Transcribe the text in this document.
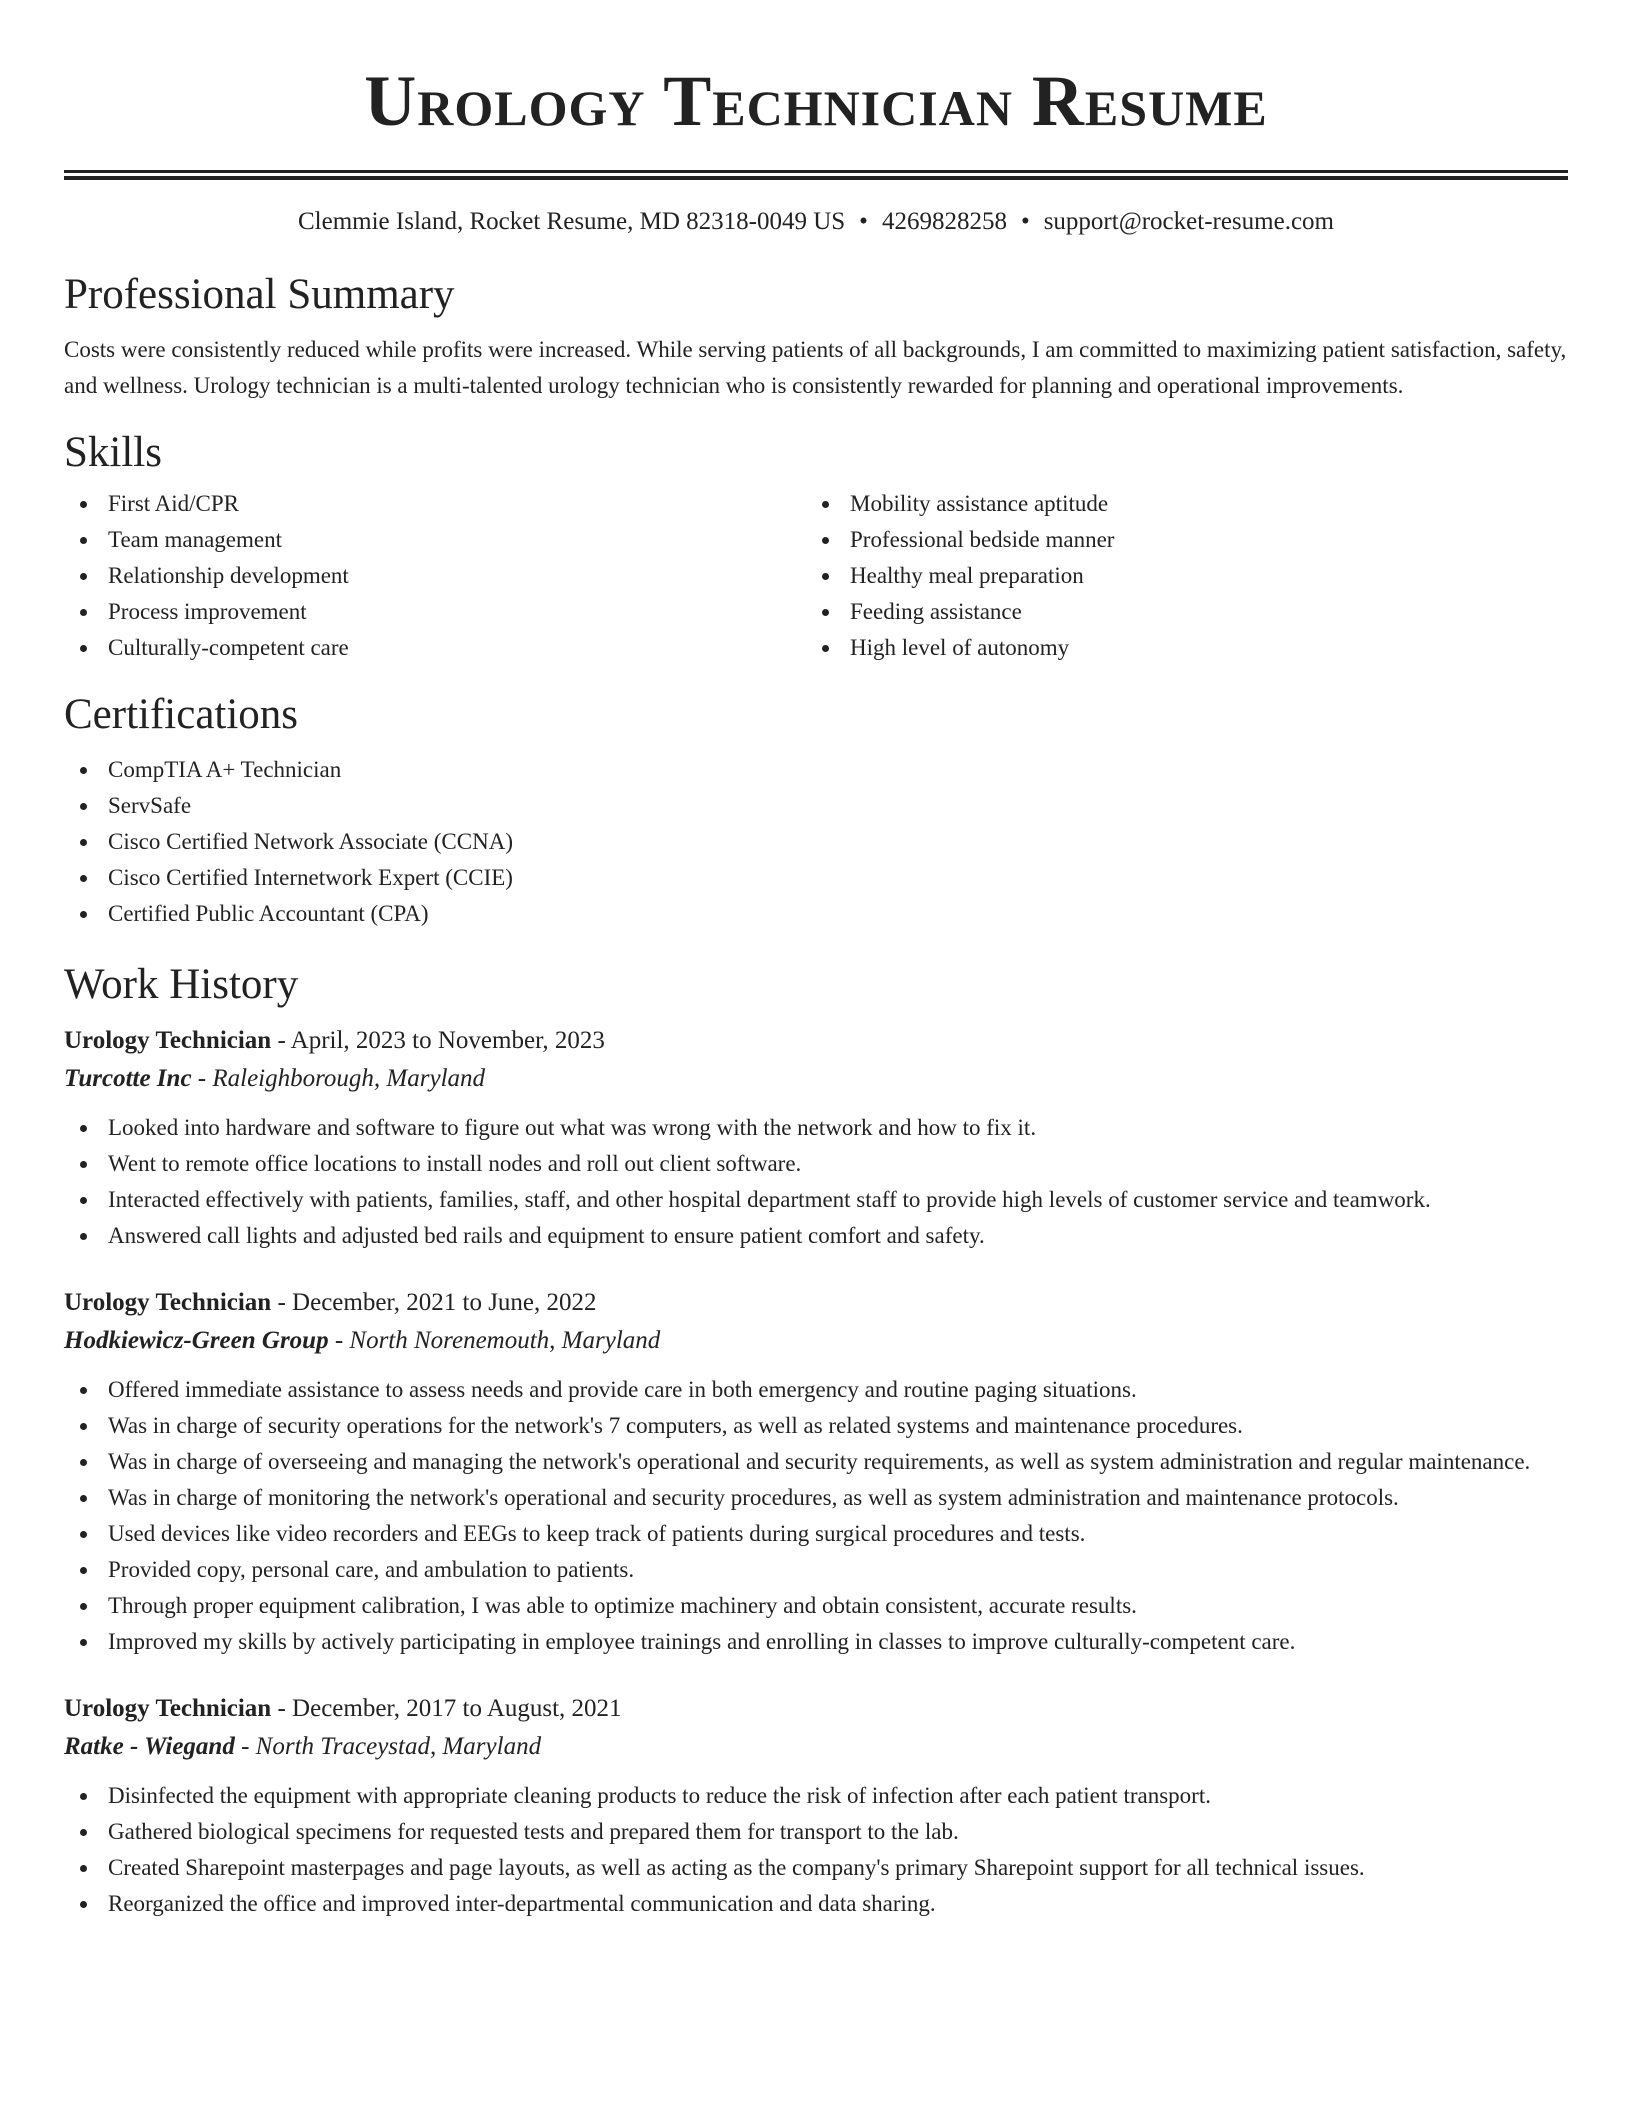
Urology Technician Resume
Clemmie Island, Rocket Resume, MD 82318-0049 US • 4269828258 • support@rocket-resume.com
Professional Summary

Costs were consistently reduced while profits were increased. While serving patients of all backgrounds, I am committed to maximizing patient satisfaction, safety, and wellness. Urology technician is a multi-talented urology technician who is consistently rewarded for planning and operational improvements.

Skills
First Aid/CPR
Team management
Relationship development
Process improvement
Culturally-competent care
Mobility assistance aptitude
Professional bedside manner
Healthy meal preparation
Feeding assistance
High level of autonomy
Certifications
CompTIA A+ Technician
ServSafe
Cisco Certified Network Associate (CCNA)
Cisco Certified Internetwork Expert (CCIE)
Certified Public Accountant (CPA)
Work History
Urology Technician - April, 2023 to November, 2023
Turcotte Inc - Raleighborough, Maryland
Looked into hardware and software to figure out what was wrong with the network and how to fix it.
Went to remote office locations to install nodes and roll out client software.
Interacted effectively with patients, families, staff, and other hospital department staff to provide high levels of customer service and teamwork.
Answered call lights and adjusted bed rails and equipment to ensure patient comfort and safety.
Urology Technician - December, 2021 to June, 2022
Hodkiewicz-Green Group - North Norenemouth, Maryland
Offered immediate assistance to assess needs and provide care in both emergency and routine paging situations.
Was in charge of security operations for the network's 7 computers, as well as related systems and maintenance procedures.
Was in charge of overseeing and managing the network's operational and security requirements, as well as system administration and regular maintenance.
Was in charge of monitoring the network's operational and security procedures, as well as system administration and maintenance protocols.
Used devices like video recorders and EEGs to keep track of patients during surgical procedures and tests.
Provided copy, personal care, and ambulation to patients.
Through proper equipment calibration, I was able to optimize machinery and obtain consistent, accurate results.
Improved my skills by actively participating in employee trainings and enrolling in classes to improve culturally-competent care.
Urology Technician - December, 2017 to August, 2021
Ratke - Wiegand - North Traceystad, Maryland
Disinfected the equipment with appropriate cleaning products to reduce the risk of infection after each patient transport.
Gathered biological specimens for requested tests and prepared them for transport to the lab.
Created Sharepoint masterpages and page layouts, as well as acting as the company's primary Sharepoint support for all technical issues.
Reorganized the office and improved inter-departmental communication and data sharing.
